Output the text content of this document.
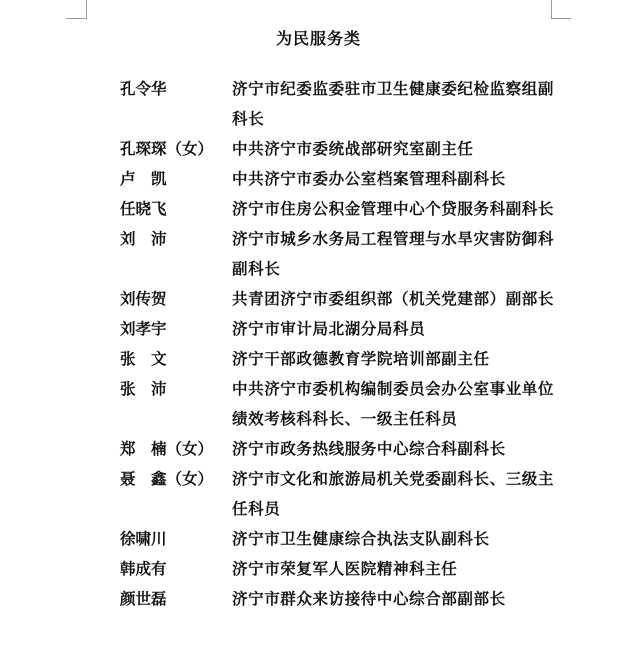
为民服务类
孔令华	济宁市纪委监委驻市卫生健康委纪检监察组副科长
孔琛琛（女）	中共济宁市委统战部研究室副主任
卢　凯	中共济宁市委办公室档案管理科副科长
任晓飞	济宁市住房公积金管理中心个贷服务科副科长
刘　沛	济宁市城乡水务局工程管理与水旱灾害防御科副科长
刘传贺	共青团济宁市委组织部（机关党建部）副部长
刘孝宇	济宁市审计局北湖分局科员
张　文	济宁干部政德教育学院培训部副主任
张　沛	中共济宁市委机构编制委员会办公室事业单位绩效考核科科长、一级主任科员
郑　楠（女）	济宁市政务热线服务中心综合科副科长
聂　鑫（女）	济宁市文化和旅游局机关党委副科长、三级主任科员
徐啸川	济宁市卫生健康综合执法支队副科长
韩成有	济宁市荣复军人医院精神科主任
颜世磊	济宁市群众来访接待中心综合部副部长
